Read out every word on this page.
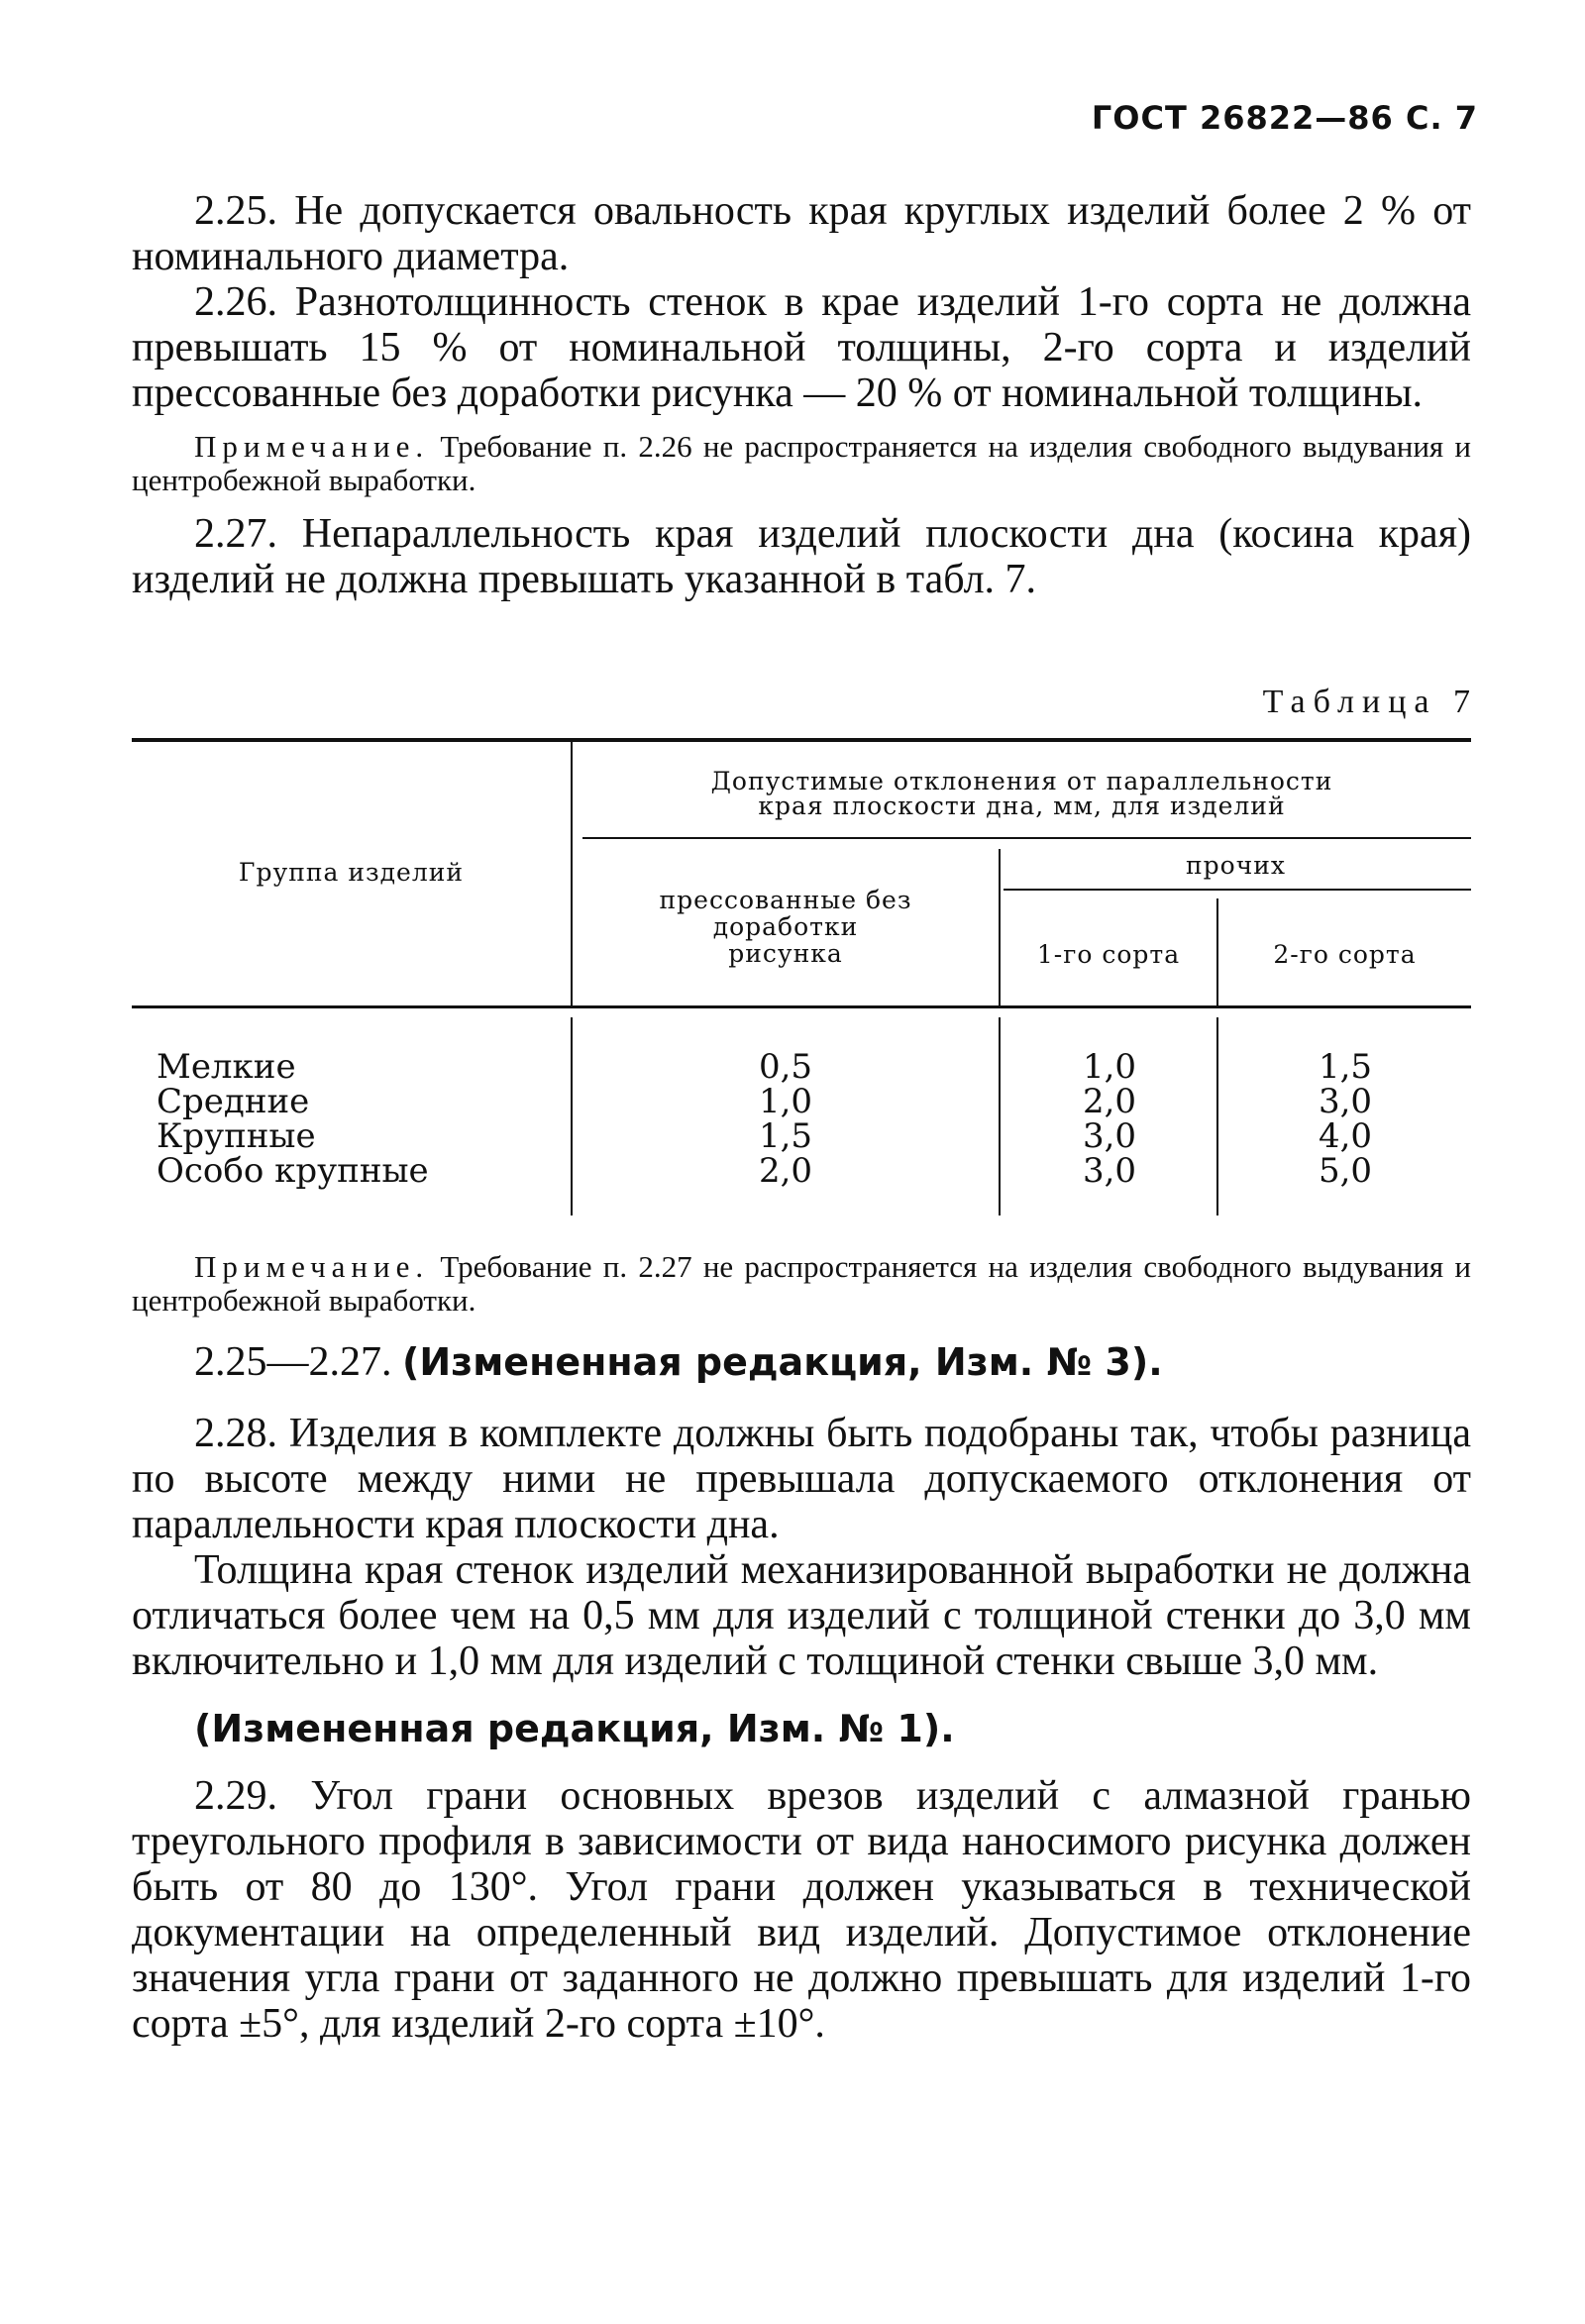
ГОСТ 26822—86 С. 7

2.25. Не допускается овальность края круглых изделий более 2 % от номинального диаметра.

2.26. Разнотолщинность стенок в крае изделий 1-го сорта не должна превышать 15 % от номинальной толщины, 2-го сорта и изделий прессованные без доработки рисунка — 20 % от номинальной толщины.

Примечание. Требование п. 2.26 не распространяется на изделия свободного выдувания и центробежной выработки.

2.27. Непараллельность края изделий плоскости дна (косина края) изделий не должна превышать указанной в табл. 7.

Таблица 7
Группа изделий
Допустимые отклонения от параллельности
края плоскости дна, мм, для изделий
прессованные без
доработки
рисунка
прочих
1-го сорта	2-го сорта
Мелкие
Средние
Крупные
Особо крупные
0,5
1,0
1,5
2,0
1,0
2,0
3,0
3,0
1,5
3,0
4,0
5,0

Примечание. Требование п. 2.27 не распространяется на изделия свободного выдувания и центробежной выработки.

2.25—2.27. (Измененная редакция, Изм. № 3).

2.28. Изделия в комплекте должны быть подобраны так, чтобы разница по высоте между ними не превышала допускаемого отклонения от параллельности края плоскости дна.

Толщина края стенок изделий механизированной выработки не должна отличаться более чем на 0,5 мм для изделий с толщиной стенки до 3,0 мм включительно и 1,0 мм для изделий с толщиной стенки свыше 3,0 мм.

(Измененная редакция, Изм. № 1).

2.29. Угол грани основных врезов изделий с алмазной гранью треугольного профиля в зависимости от вида наносимого рисунка должен быть от 80 до 130°. Угол грани должен указываться в технической документации на определенный вид изделий. Допустимое отклонение значения угла грани от заданного не должно превышать для изделий 1-го сорта ±5°, для изделий 2-го сорта ±10°.
